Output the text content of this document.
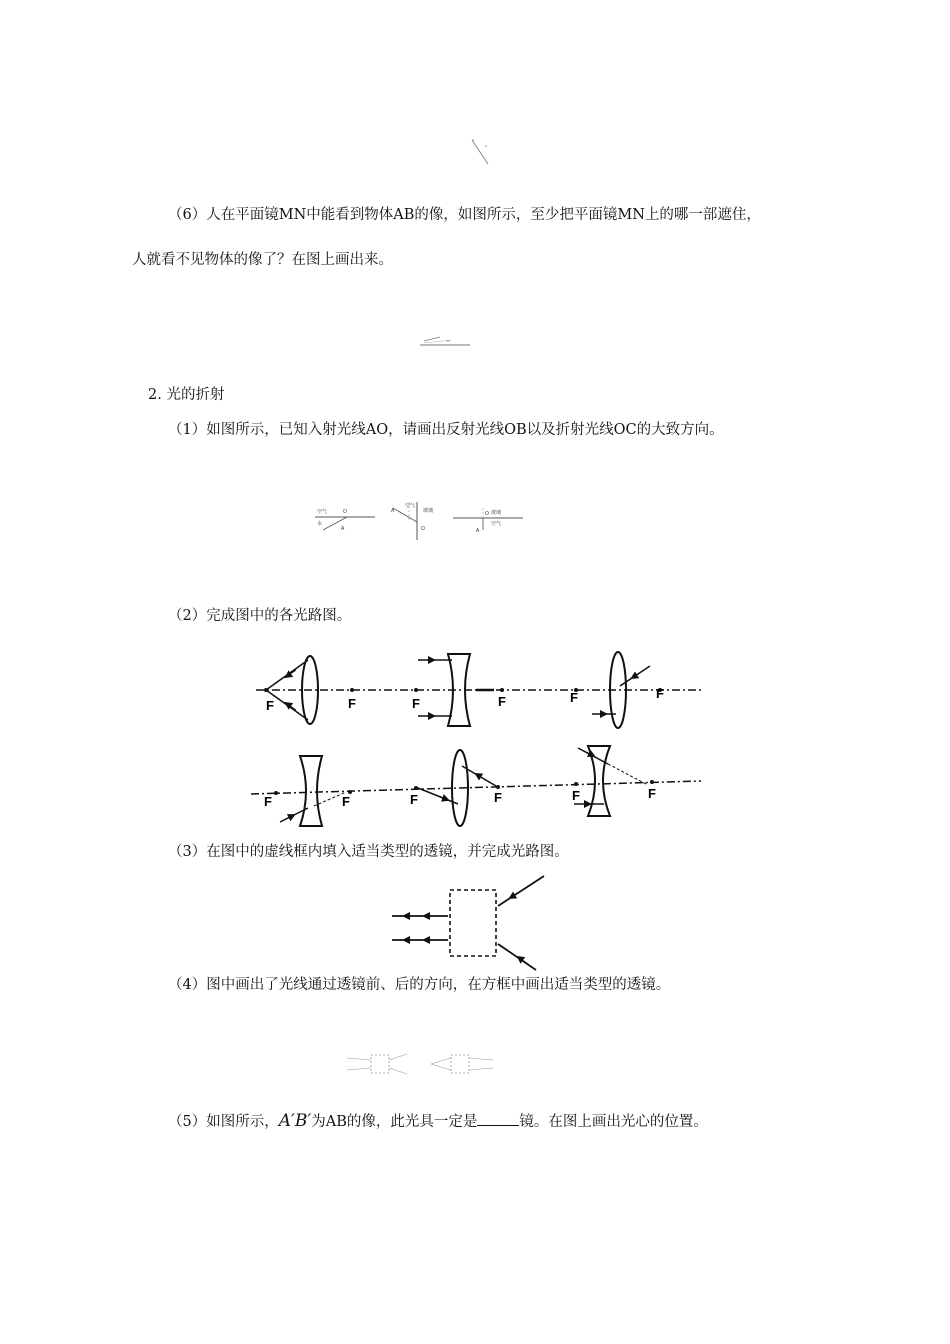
（6）人在平面镜MN中能看到物体AB的像，如图所示，至少把平面镜MN上的哪一部遮住，
人就看不见物体的像了？在图上画出来。
2. 光的折射
（1）如图所示，已知入射光线AO，请画出反射光线OB以及折射光线OC的大致方向。
空气
水
O
A
空气
玻璃
A
O
玻璃
空气
O
A
（2）完成图中的各光路图。
F	F	F	F	F	F
F	F	F	F	F	F
（3）在图中的虚线框内填入适当类型的透镜，并完成光路图。
（4）图中画出了光线通过透镜前、后的方向，在方框中画出适当类型的透镜。
（5）如图所示，A′B′为AB的像，此光具一定是	镜。在图上画出光心的位置。
